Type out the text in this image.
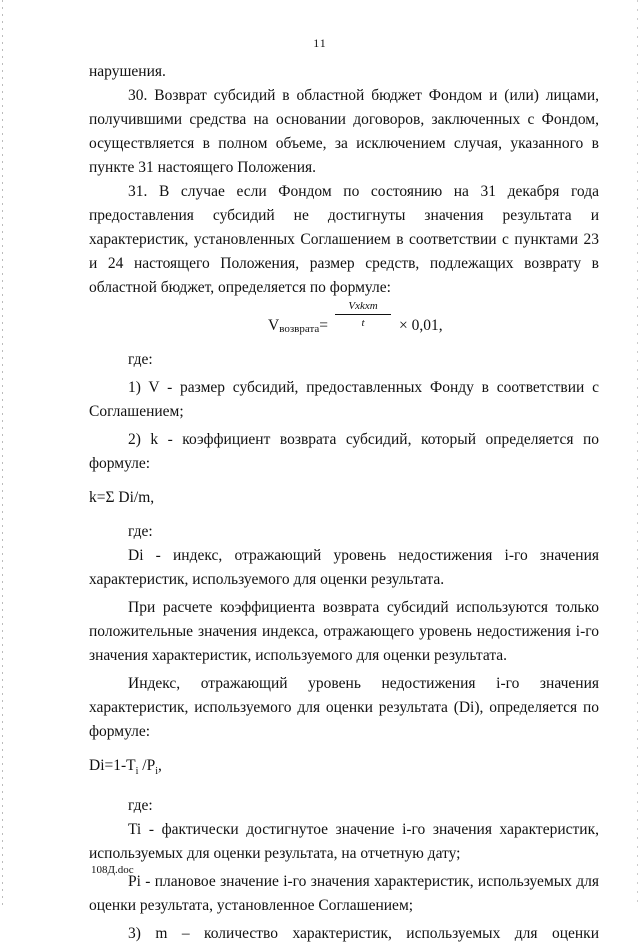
11

нарушения.

30. Возврат субсидий в областной бюджет Фондом и (или) лицами, получившими средства на основании договоров, заключенных с Фондом, осуществляется в полном объеме, за исключением случая, указанного в пункте 31 настоящего Положения.

31. В случае если Фондом по состоянию на 31 декабря года предоставления субсидий не достигнуты значения результата и характеристик, установленных Соглашением в соответствии с пунктами 23 и 24 настоящего Положения, размер средств, подлежащих возврату в областной бюджет, определяется по формуле:

$V_{возврата}=$
Vxkxm
t	× 0,01,

где:

1) V - размер субсидий, предоставленных Фонду в соответствии с Соглашением;

2) k - коэффициент возврата субсидий, который определяется по формуле:

k=Σ Di/m,

где:

Di - индекс, отражающий уровень недостижения i-го значения характеристик, используемого для оценки результата.

При расчете коэффициента возврата субсидий используются только положительные значения индекса, отражающего уровень недостижения i-го значения характеристик, используемого для оценки результата.

Индекс, отражающий уровень недостижения i-го значения характеристик, используемого для оценки результата (Di), определяется по формуле:

$Di=1-T_i$ $/P_i$,

где:

Ti - фактически достигнутое значение i-го значения характеристик, используемых для оценки результата, на отчетную дату;

Pi - плановое значение i-го значения характеристик, используемых для оценки результата, установленное Соглашением;

3) m – количество характеристик, используемых для оценки

108Д.doc
